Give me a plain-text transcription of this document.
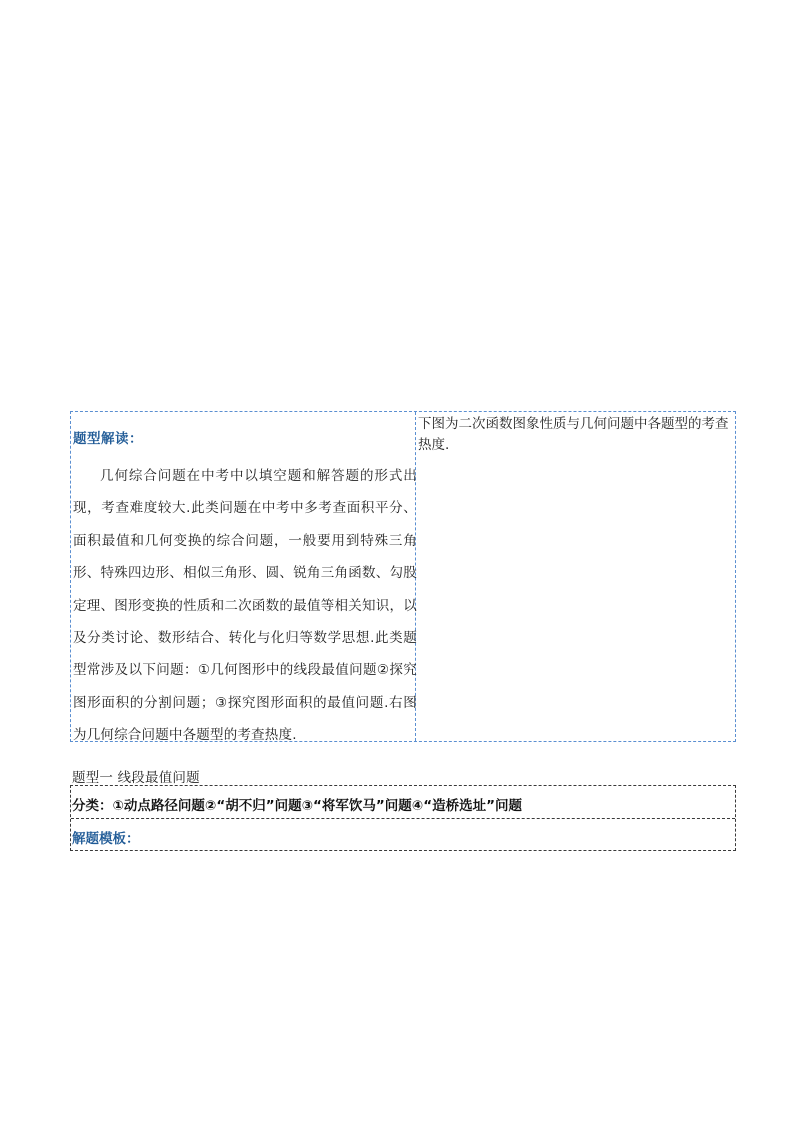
题型解读：

几何综合问题在中考中以填空题和解答题的形式出现，考查难度较大.此类问题在中考中多考查面积平分、面积最值和几何变换的综合问题，一般要用到特殊三角形、特殊四边形、相似三角形、圆、锐角三角函数、勾股定理、图形变换的性质和二次函数的最值等相关知识，以及分类讨论、数形结合、转化与化归等数学思想.此类题型常涉及以下问题：①几何图形中的线段最值问题②探究图形面积的分割问题；③探究图形面积的最值问题.右图为几何综合问题中各题型的考查热度.

下图为二次函数图象性质与几何问题中各题型的考查热度.

题型一 线段最值问题
分类：①动点路径问题②“胡不归”问题③“将军饮马”问题④“造桥选址”问题
解题模板：
